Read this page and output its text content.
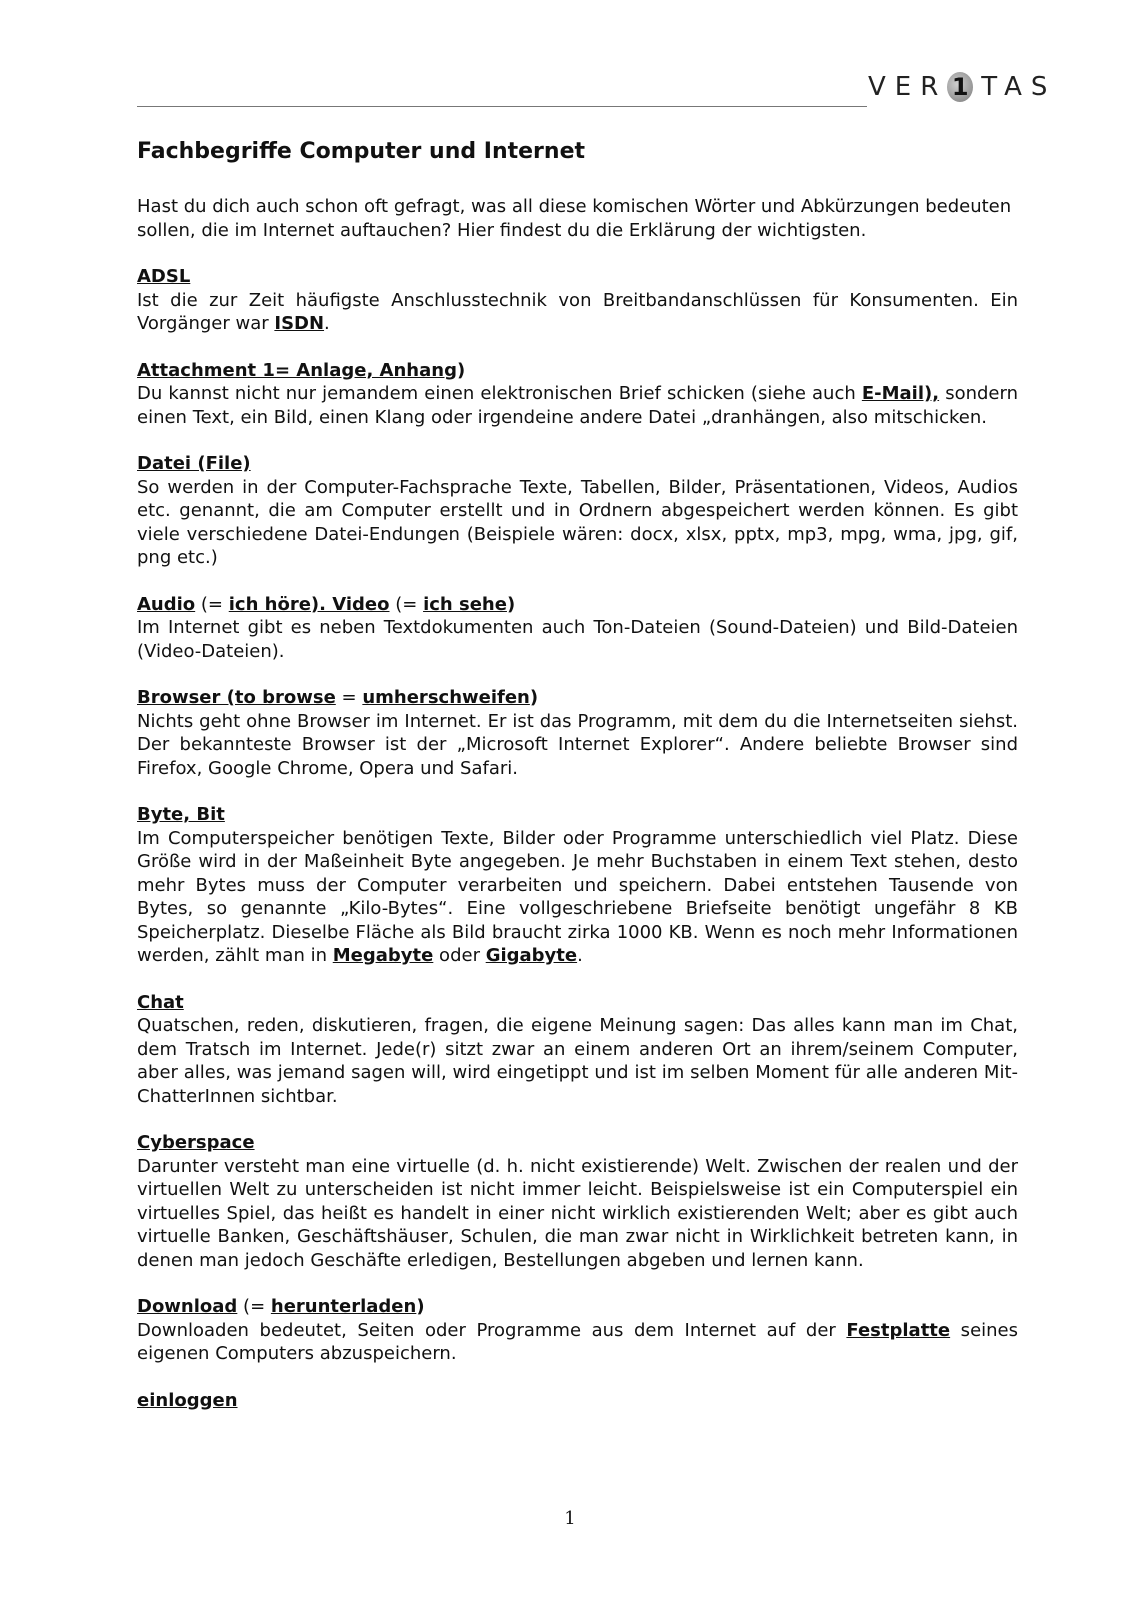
VER 1 TAS
Fachbegriffe Computer und Internet

Hast du dich auch schon oft gefragt, was all diese komischen Wörter und Abkürzungen bedeuten sollen, die im Internet auftauchen? Hier findest du die Erklärung der wichtigsten.

ADSL

Ist die zur Zeit häufigste Anschlusstechnik von Breitbandanschlüssen für Konsumenten. Ein Vorgänger war ISDN.

Attachment 1= Anlage, Anhang)

Du kannst nicht nur jemandem einen elektronischen Brief schicken (siehe auch E-Mail), sondern einen Text, ein Bild, einen Klang oder irgendeine andere Datei „dranhängen, also mitschicken.

Datei (File)

So werden in der Computer-Fachsprache Texte, Tabellen, Bilder, Präsentationen, Videos, Audios etc. genannt, die am Computer erstellt und in Ordnern abgespeichert werden können. Es gibt viele verschiedene Datei-Endungen (Beispiele wären: docx, xlsx, pptx, mp3, mpg, wma, jpg, gif, png etc.)

Audio (= ich höre). Video (= ich sehe)

Im Internet gibt es neben Textdokumenten auch Ton-Dateien (Sound-Dateien) und Bild-Dateien (Video-Dateien).

Browser (to browse = umherschweifen)

Nichts geht ohne Browser im Internet. Er ist das Programm, mit dem du die Internetseiten siehst. Der bekannteste Browser ist der „Microsoft Internet Explorer“. Andere beliebte Browser sind Firefox, Google Chrome, Opera und Safari.

Byte, Bit

Im Computerspeicher benötigen Texte, Bilder oder Programme unterschiedlich viel Platz. Diese Größe wird in der Maßeinheit Byte angegeben. Je mehr Buchstaben in einem Text stehen, desto mehr Bytes muss der Computer verarbeiten und speichern. Dabei entstehen Tausende von Bytes, so genannte „Kilo-Bytes“. Eine vollgeschriebene Briefseite benötigt ungefähr 8 KB Speicherplatz. Dieselbe Fläche als Bild braucht zirka 1000 KB. Wenn es noch mehr Informationen werden, zählt man in Megabyte oder Gigabyte.

Chat

Quatschen, reden, diskutieren, fragen, die eigene Meinung sagen: Das alles kann man im Chat, dem Tratsch im Internet. Jede(r) sitzt zwar an einem anderen Ort an ihrem/seinem Computer, aber alles, was jemand sagen will, wird eingetippt und ist im selben Moment für alle anderen Mit-ChatterInnen sichtbar.

Cyberspace

Darunter versteht man eine virtuelle (d. h. nicht existierende) Welt. Zwischen der realen und der virtuellen Welt zu unterscheiden ist nicht immer leicht. Beispielsweise ist ein Computerspiel ein virtuelles Spiel, das heißt es handelt in einer nicht wirklich existierenden Welt; aber es gibt auch virtuelle Banken, Geschäftshäuser, Schulen, die man zwar nicht in Wirklichkeit betreten kann, in denen man jedoch Geschäfte erledigen, Bestellungen abgeben und lernen kann.

Download (= herunterladen)

Downloaden bedeutet, Seiten oder Programme aus dem Internet auf der Festplatte seines eigenen Computers abzuspeichern.

einloggen
1
